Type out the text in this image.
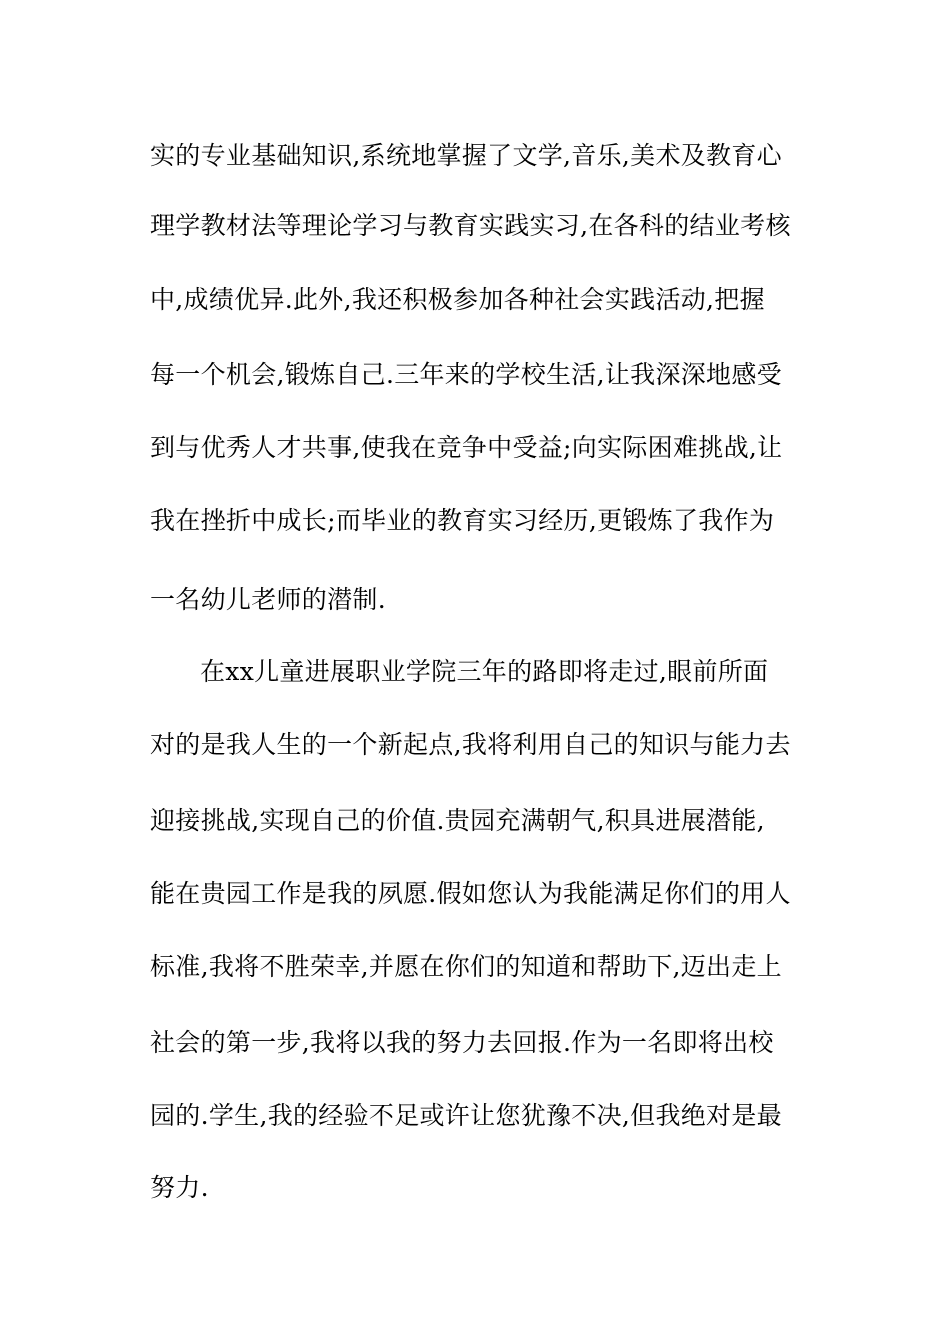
实的专业基础知识,系统地掌握了文学,音乐,美术及教育心
理学教材法等理论学习与教育实践实习,在各科的结业考核
中,成绩优异.此外,我还积极参加各种社会实践活动,把握
每一个机会,锻炼自己.三年来的学校生活,让我深深地感受
到与优秀人才共事,使我在竞争中受益;向实际困难挑战,让
我在挫折中成长;而毕业的教育实习经历,更锻炼了我作为
一名幼儿老师的潜制.
在xx儿童进展职业学院三年的路即将走过,眼前所面
对的是我人生的一个新起点,我将利用自己的知识与能力去
迎接挑战,实现自己的价值.贵园充满朝气,积具进展潜能,
能在贵园工作是我的夙愿.假如您认为我能满足你们的用人
标准,我将不胜荣幸,并愿在你们的知道和帮助下,迈出走上
社会的第一步,我将以我的努力去回报.作为一名即将出校
园的.学生,我的经验不足或许让您犹豫不决,但我绝对是最
努力.
